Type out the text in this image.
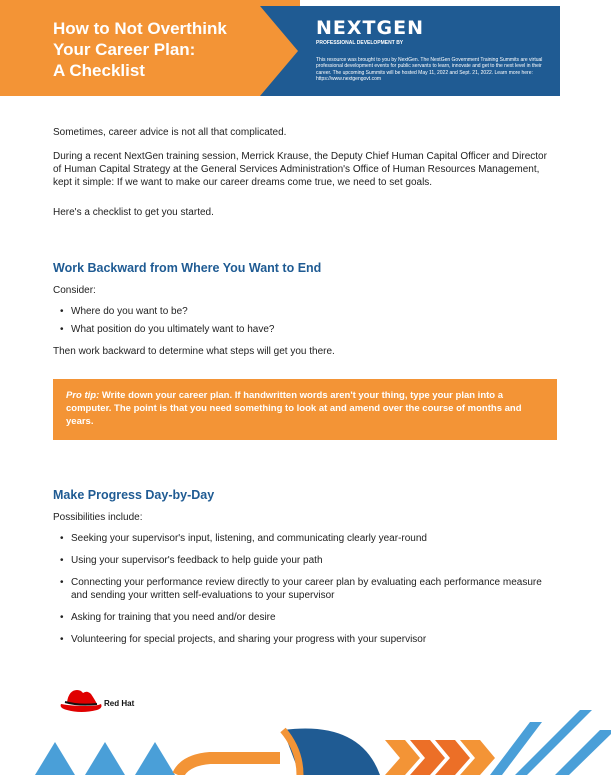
How to Not Overthink
Your Career Plan:
A Checklist
NEXTGEN
PROFESSIONAL DEVELOPMENT BY
This resource was brought to you by NextGen. The NextGen Government Training Summits are virtual professional development events for public servants to learn, innovate and get to the next level in their career. The upcoming Summits will be hosted May 11, 2022 and Sept. 21, 2022. Learn more here: https://www.nextgengovt.com

Sometimes, career advice is not all that complicated.

During a recent NextGen training session, Merrick Krause, the Deputy Chief Human Capital Officer and Director of Human Capital Strategy at the General Services Administration's Office of Human Resources Management, kept it simple: If we want to make our career dreams come true, we need to set goals.

Here's a checklist to get you started.

Work Backward from Where You Want to End

Consider:

• Where do you want to be?
• What position do you ultimately want to have?

Then work backward to determine what steps will get you there.

Pro tip: Write down your career plan. If handwritten words aren't your thing, type your plan into a computer. The point is that you need something to look at and amend over the course of months and years.
Make Progress Day-by-Day

Possibilities include:

• Seeking your supervisor's input, listening, and communicating clearly year-round
• Using your supervisor's feedback to help guide your path
• Connecting your performance review directly to your career plan by evaluating each performance measure and sending your written self-evaluations to your supervisor
• Asking for training that you need and/or desire
• Volunteering for special projects, and sharing your progress with your supervisor
Red Hat
